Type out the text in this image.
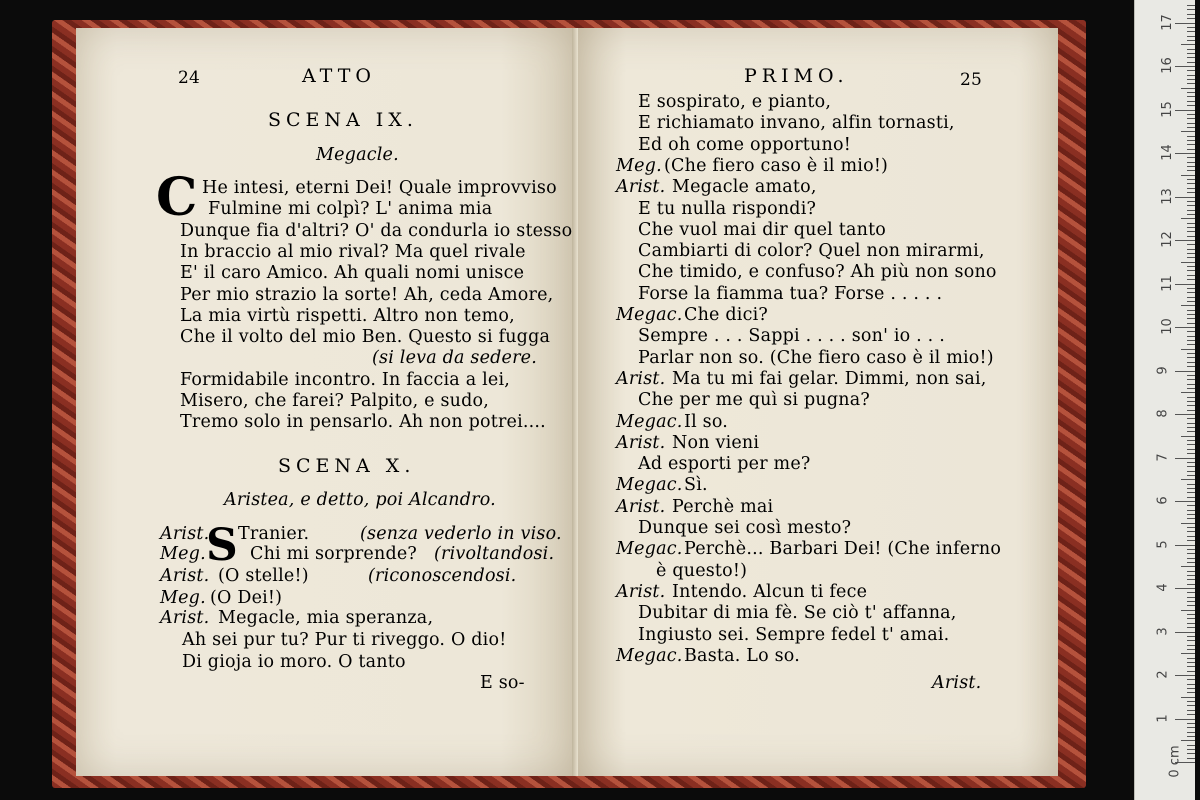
24	ATTO
SCENA IX.
Megacle.
C He intesi, eterni Dei! Quale improvviso
Fulmine mi colpì? L' anima mia
Dunque fia d'altri? O' da condurla io stesso
In braccio al mio rival? Ma quel rivale
E' il caro Amico. Ah quali nomi unisce
Per mio strazio la sorte! Ah, ceda Amore,
La mia virtù rispetti. Altro non temo,
Che il volto del mio Ben. Questo si fugga
(si leva da sedere.
Formidabile incontro. In faccia a lei,
Misero, che farei? Palpito, e sudo,
Tremo solo in pensarlo. Ah non potrei....
SCENA X.
Aristea, e detto, poi Alcandro.
S
Arist. Tranier.	(senza vederlo in viso.
Meg.	Chi mi sorprende? (rivoltandosi.
Arist. (O stelle!)	(riconoscendosi.
Meg. (O Dei!)
Arist. Megacle, mia speranza,
Ah sei pur tu? Pur ti riveggo. O dio!
Di gioja io moro. O tanto
E so-
PRIMO.	25
E sospirato, e pianto,
E richiamato invano, alfin tornasti,
Ed oh come opportuno!
Meg. (Che fiero caso è il mio!)
Arist. Megacle amato,
E tu nulla rispondi?
Che vuol mai dir quel tanto
Cambiarti di color? Quel non mirarmi,
Che timido, e confuso? Ah più non sono
Forse la fiamma tua? Forse . . . . .
Megac. Che dici?
Sempre . . . Sappi . . . . son' io . . .
Parlar non so. (Che fiero caso è il mio!)
Arist. Ma tu mi fai gelar. Dimmi, non sai,
Che per me quì si pugna?
Megac. Il so.
Arist. Non vieni
Ad esporti per me?
Megac. Sì.
Arist. Perchè mai
Dunque sei così mesto?
Megac. Perchè... Barbari Dei! (Che inferno
è questo!)
Arist. Intendo. Alcun ti fece
Dubitar di mia fè. Se ciò t' affanna,
Ingiusto sei. Sempre fedel t' amai.
Megac. Basta. Lo so.
Arist.
0 cm
1
2
3
4
5
6
7
8
9
10
11
12
13
14
15
16
17
